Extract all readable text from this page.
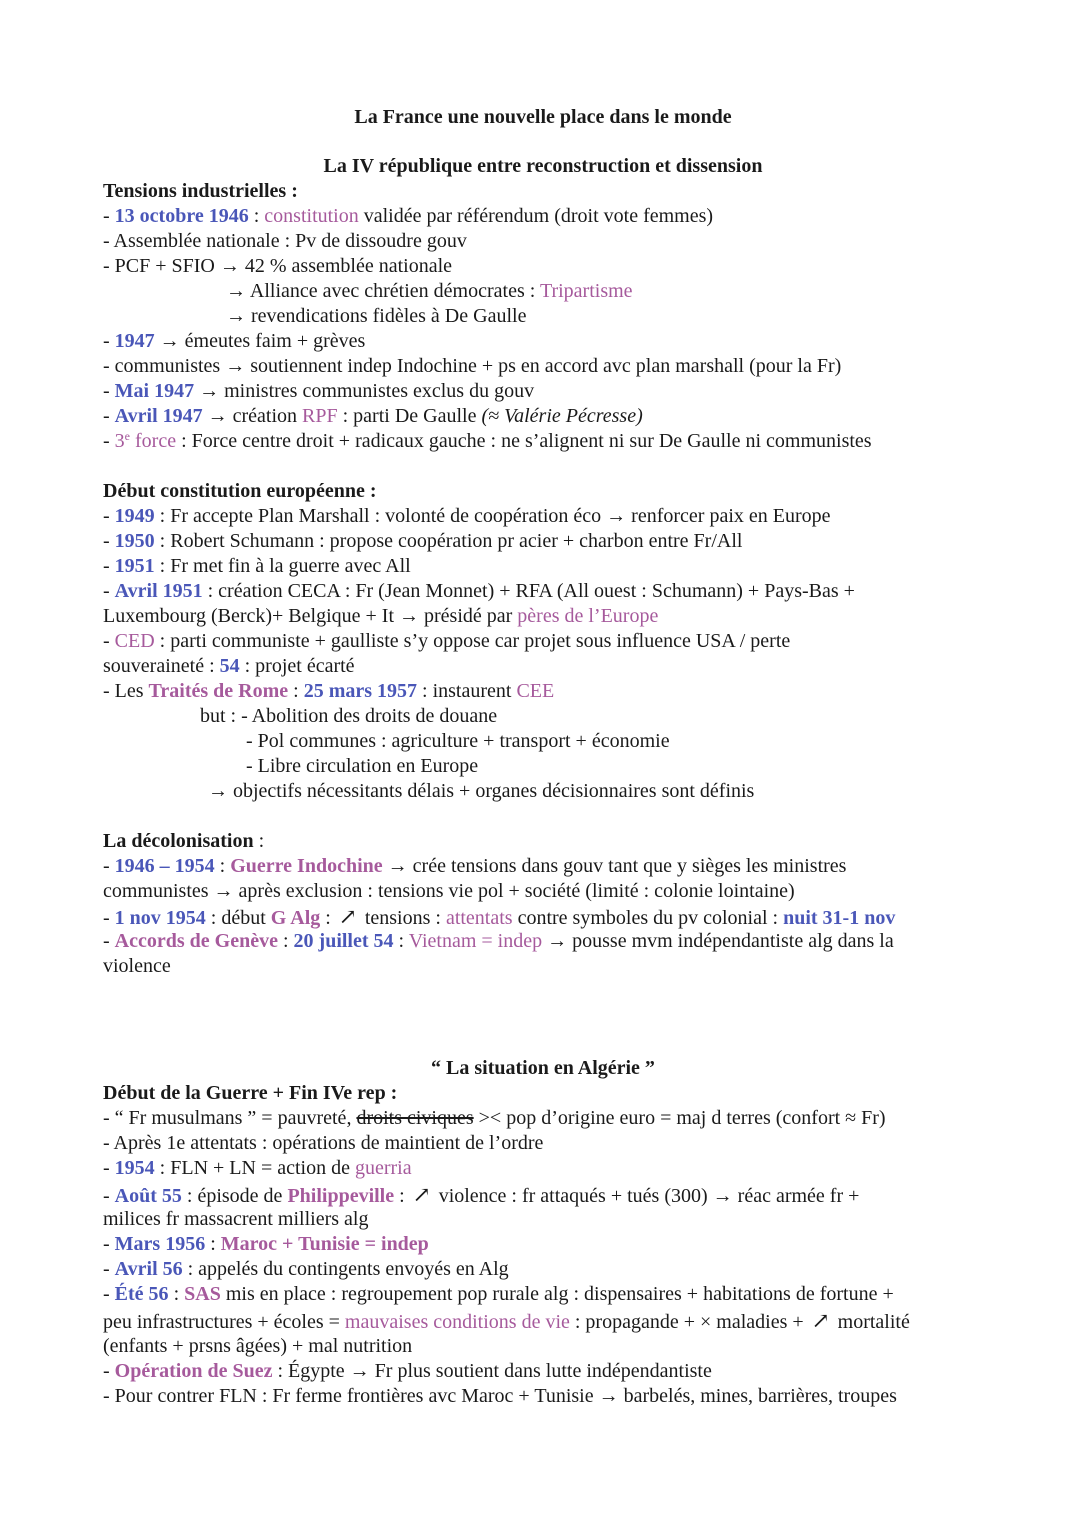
La France une nouvelle place dans le monde
La IV république entre reconstruction et dissension
Tensions industrielles :
- 13 octobre 1946 : constitution validée par référendum (droit vote femmes)
- Assemblée nationale : Pv de dissoudre gouv
- PCF + SFIO → 42 % assemblée nationale
→ Alliance avec chrétien démocrates : Tripartisme
→ revendications fidèles à De Gaulle
- 1947 → émeutes faim + grèves
- communistes → soutiennent indep Indochine + ps en accord avc plan marshall (pour la Fr)
- Mai 1947 → ministres communistes exclus du gouv
- Avril 1947 → création RPF : parti De Gaulle (≈ Valérie Pécresse)
- 3e force : Force centre droit + radicaux gauche : ne s’alignent ni sur De Gaulle ni communistes
Début constitution européenne :
- 1949 : Fr accepte Plan Marshall : volonté de coopération éco → renforcer paix en Europe
- 1950 : Robert Schumann : propose coopération pr acier + charbon entre Fr/All
- 1951 : Fr met fin à la guerre avec All
- Avril 1951 : création CECA : Fr (Jean Monnet) + RFA (All ouest : Schumann) + Pays-Bas +
Luxembourg (Berck)+ Belgique + It → présidé par pères de l’Europe
- CED : parti communiste + gaulliste s’y oppose car projet sous influence USA / perte
souveraineté : 54 : projet écarté
- Les Traités de Rome : 25 mars 1957 : instaurent CEE
but : - Abolition des droits de douane
- Pol communes : agriculture + transport + économie
- Libre circulation en Europe
→ objectifs nécessitants délais + organes décisionnaires sont définis
La décolonisation :
- 1946 – 1954 : Guerre Indochine → crée tensions dans gouv tant que y sièges les ministres
communistes → après exclusion : tensions vie pol + société (limité : colonie lointaine)
- 1 nov 1954 : début G Alg : ↗ tensions : attentats contre symboles du pv colonial : nuit 31-1 nov
- Accords de Genève : 20 juillet 54 : Vietnam = indep → pousse mvm indépendantiste alg dans la
violence
“ La situation en Algérie ”
Début de la Guerre + Fin IVe rep :
- “ Fr musulmans ” = pauvreté, droits civiques >< pop d’origine euro = maj d terres (confort ≈ Fr)
- Après 1e attentats : opérations de maintient de l’ordre
- 1954 : FLN + LN = action de guerria
- Août 55 : épisode de Philippeville : ↗ violence : fr attaqués + tués (300) → réac armée fr +
milices fr massacrent milliers alg
- Mars 1956 : Maroc + Tunisie = indep
- Avril 56 : appelés du contingents envoyés en Alg
- Été 56 : SAS mis en place : regroupement pop rurale alg : dispensaires + habitations de fortune +
peu infrastructures + écoles = mauvaises conditions de vie : propagande + × maladies + ↗ mortalité
(enfants + prsns âgées) + mal nutrition
- Opération de Suez : Égypte → Fr plus soutient dans lutte indépendantiste
- Pour contrer FLN : Fr ferme frontières avc Maroc + Tunisie → barbelés, mines, barrières, troupes
